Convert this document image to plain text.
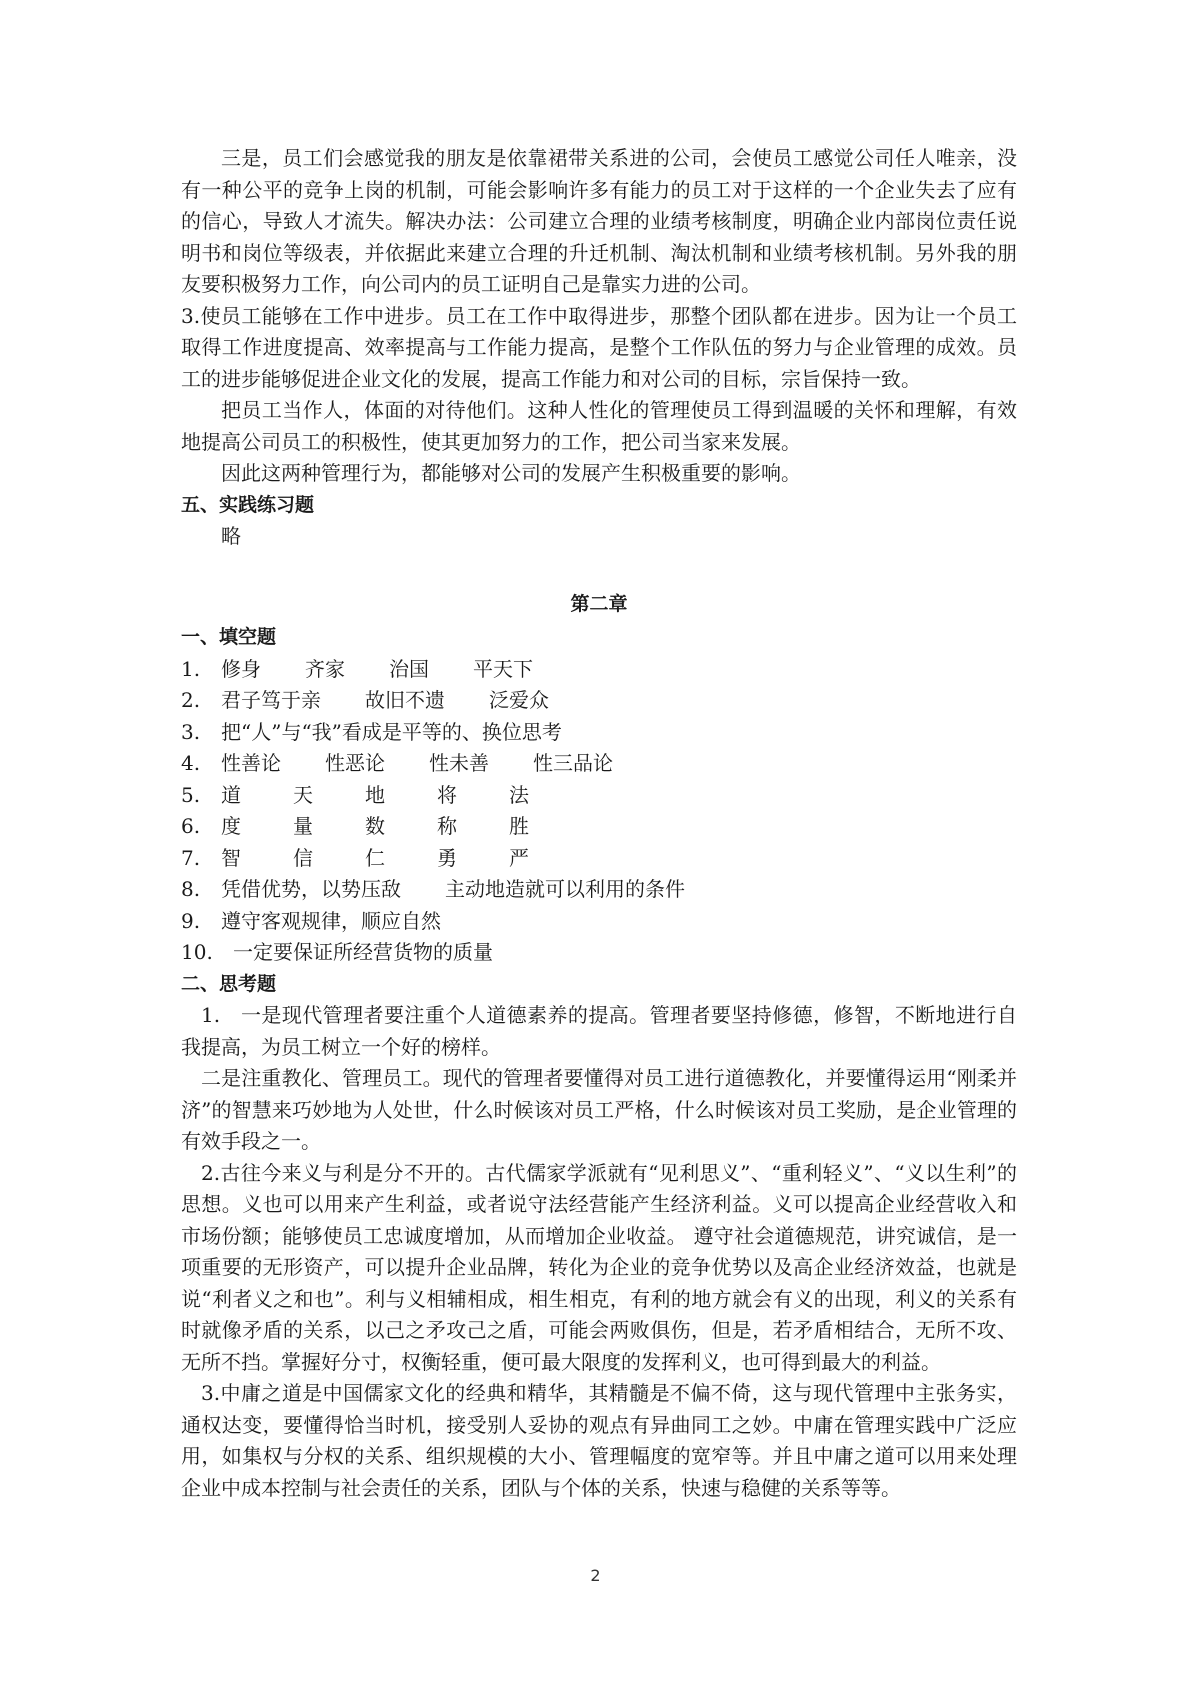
三是，员工们会感觉我的朋友是依靠裙带关系进的公司，会使员工感觉公司任人唯亲，没有一种公平的竞争上岗的机制，可能会影响许多有能力的员工对于这样的一个企业失去了应有的信心，导致人才流失。解决办法：公司建立合理的业绩考核制度，明确企业内部岗位责任说明书和岗位等级表，并依据此来建立合理的升迁机制、淘汰机制和业绩考核机制。另外我的朋友要积极努力工作，向公司内的员工证明自己是靠实力进的公司。

3.使员工能够在工作中进步。员工在工作中取得进步，那整个团队都在进步。因为让一个员工取得工作进度提高、效率提高与工作能力提高，是整个工作队伍的努力与企业管理的成效。员工的进步能够促进企业文化的发展，提高工作能力和对公司的目标，宗旨保持一致。

把员工当作人，体面的对待他们。这种人性化的管理使员工得到温暖的关怀和理解，有效地提高公司员工的积极性，使其更加努力的工作，把公司当家来发展。

因此这两种管理行为，都能够对公司的发展产生积极重要的影响。

五、实践练习题

略

第二章

一、填空题

1.	修身 齐家 治国 平天下
2.	君子笃于亲 故旧不遗 泛爱众
3.	把“人”与“我”看成是平等的、换位思考
4.	性善论 性恶论 性未善 性三品论
5.	道	天	地	将	法
6.	度	量	数	称	胜
7.	智	信	仁	勇	严
8.	凭借优势，以势压敌 主动地造就可以利用的条件
9.	遵守客观规律，顺应自然
10.	一定要保证所经营货物的质量

二、思考题

1.　一是现代管理者要注重个人道德素养的提高。管理者要坚持修德，修智，不断地进行自我提高，为员工树立一个好的榜样。

二是注重教化、管理员工。现代的管理者要懂得对员工进行道德教化，并要懂得运用“刚柔并济”的智慧来巧妙地为人处世，什么时候该对员工严格，什么时候该对员工奖励，是企业管理的有效手段之一。

2.古往今来义与利是分不开的。古代儒家学派就有“见利思义”、“重利轻义”、“义以生利”的思想。义也可以用来产生利益，或者说守法经营能产生经济利益。义可以提高企业经营收入和市场份额；能够使员工忠诚度增加，从而增加企业收益。 遵守社会道德规范，讲究诚信，是一项重要的无形资产，可以提升企业品牌，转化为企业的竞争优势以及高企业经济效益，也就是说“利者义之和也”。利与义相辅相成，相生相克，有利的地方就会有义的出现，利义的关系有时就像矛盾的关系，以己之矛攻己之盾，可能会两败俱伤，但是，若矛盾相结合，无所不攻、无所不挡。掌握好分寸，权衡轻重，便可最大限度的发挥利义，也可得到最大的利益。

3.中庸之道是中国儒家文化的经典和精华，其精髓是不偏不倚，这与现代管理中主张务实，通权达变，要懂得恰当时机，接受别人妥协的观点有异曲同工之妙。中庸在管理实践中广泛应用，如集权与分权的关系、组织规模的大小、管理幅度的宽窄等。并且中庸之道可以用来处理企业中成本控制与社会责任的关系，团队与个体的关系，快速与稳健的关系等等。

2
